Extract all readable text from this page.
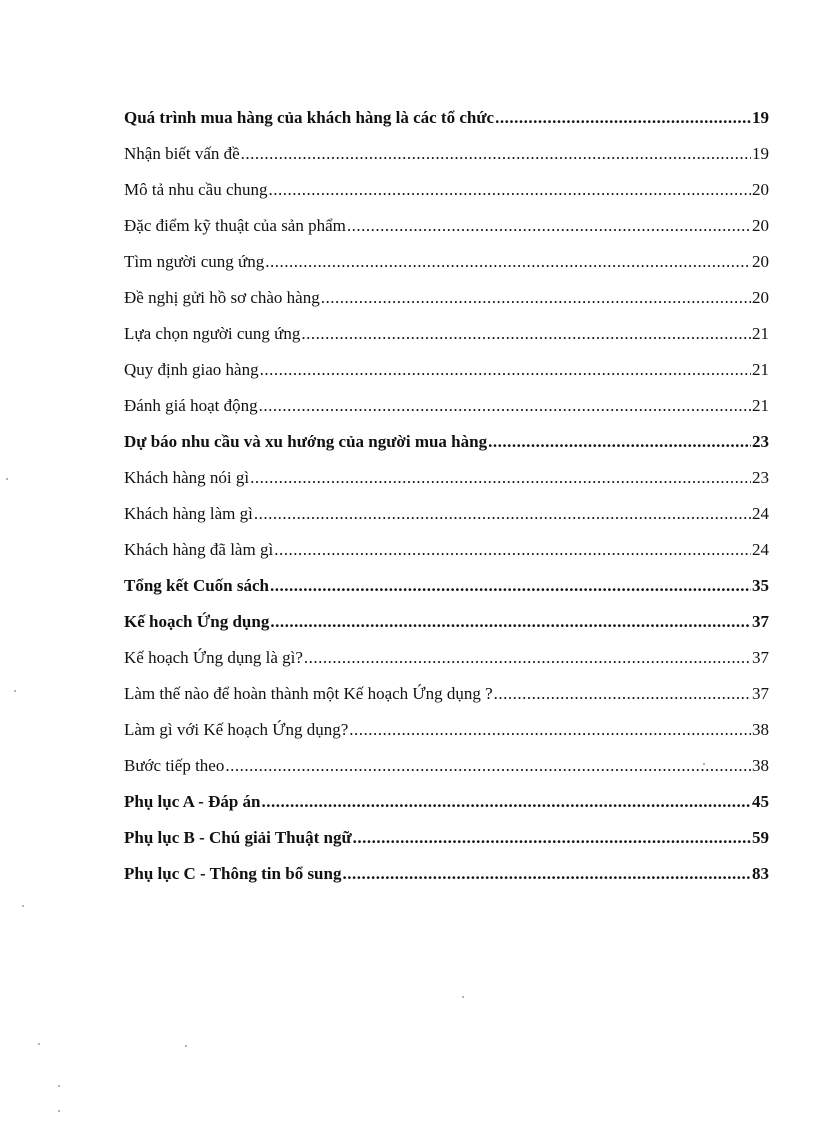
Quá trình mua hàng của khách hàng là các tổ chức .....	19
Nhận biết vấn đề .....	19
Mô tả nhu cầu chung .....	20
Đặc điểm kỹ thuật của sản phẩm .....	20
Tìm người cung ứng .....	20
Đề nghị gửi hồ sơ chào hàng .....	20
Lựa chọn người cung ứng .....	21
Quy định giao hàng .....	21
Đánh giá hoạt động .....	21
Dự báo nhu cầu và xu hướng của người mua hàng .....	23
Khách hàng nói gì .....	23
Khách hàng làm gì .....	24
Khách hàng đã làm gì .....	24
Tổng kết Cuốn sách .....	35
Kế hoạch Ứng dụng .....	37
Kế hoạch Ứng dụng là gì? .....	37
Làm thế nào để hoàn thành một Kế hoạch Ứng dụng ? .....	37
Làm gì với Kế hoạch Ứng dụng? .....	38
Bước tiếp theo .....	38
Phụ lục A - Đáp án .....	45
Phụ lục B - Chú giải Thuật ngữ .....	59
Phụ lục C - Thông tin bổ sung .....	83
